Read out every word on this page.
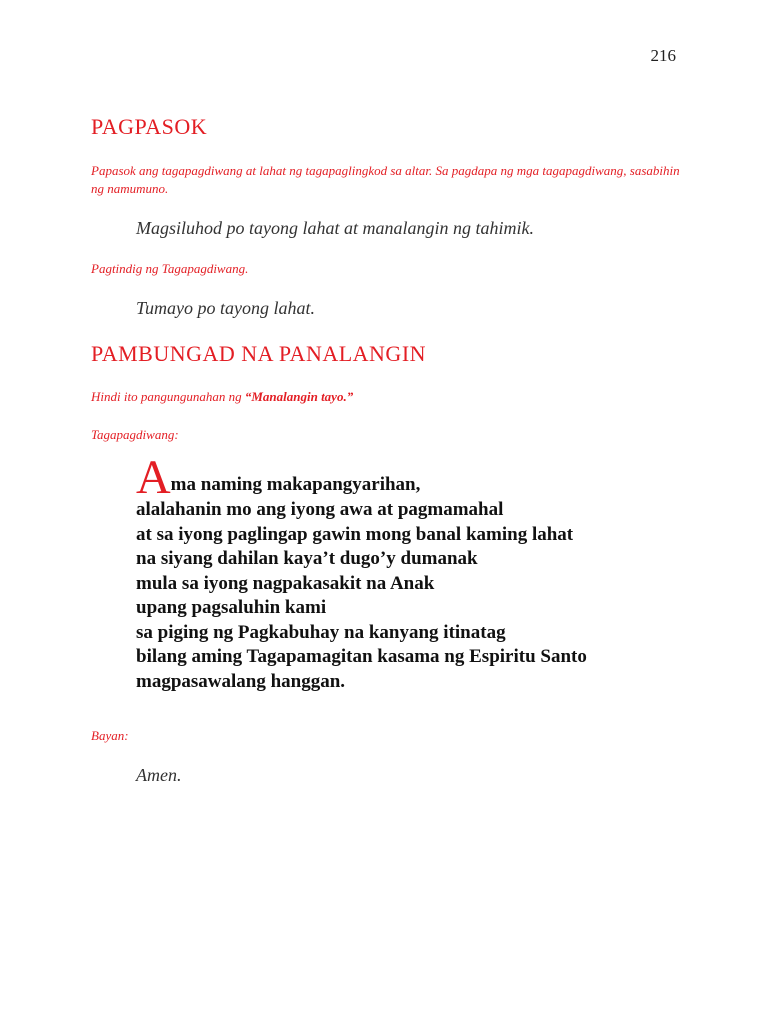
216
PAGPASOK

Papasok ang tagapagdiwang at lahat ng tagapaglingkod sa altar. Sa pagdapa ng mga tagapagdiwang, sasabihin ng namumuno.

Magsiluhod po tayong lahat at manalangin ng tahimik.

Pagtindig ng Tagapagdiwang.

Tumayo po tayong lahat.

PAMBUNGAD NA PANALANGIN

Hindi ito pangungunahan ng “Manalangin tayo.”

Tagapagdiwang:

Ama naming makapangyarihan,
alalahanin mo ang iyong awa at pagmamahal
at sa iyong paglingap gawin mong banal kaming lahat
na siyang dahilan kaya’t dugo’y dumanak
mula sa iyong nagpakasakit na Anak
upang pagsaluhin kami
sa piging ng Pagkabuhay na kanyang itinatag
bilang aming Tagapamagitan kasama ng Espiritu Santo
magpasawalang hanggan.

Bayan:

Amen.
